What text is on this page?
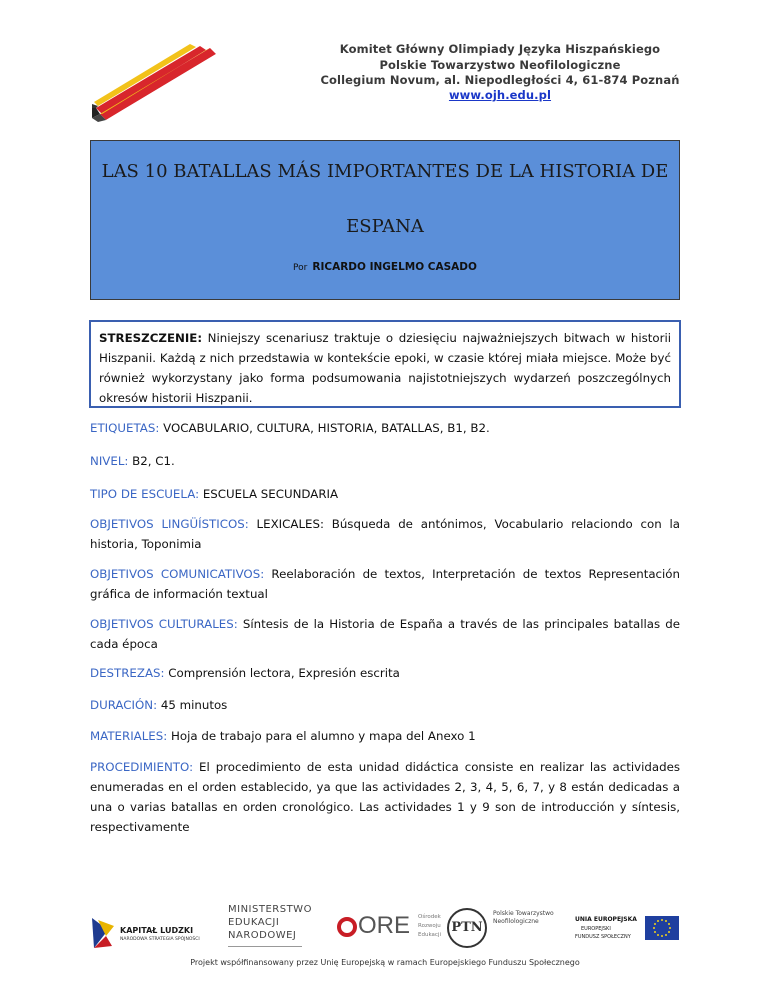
Komitet Główny Olimpiady Języka Hiszpańskiego
Polskie Towarzystwo Neofilologiczne
Collegium Novum, al. Niepodległości 4, 61-874 Poznań
www.ojh.edu.pl
LAS 10 BATALLAS MÁS IMPORTANTES DE LA HISTORIA DE
ESPANA
Por RICARDO INGELMO CASADO
STRESZCZENIE: Niniejszy scenariusz traktuje o dziesięciu najważniejszych bitwach w historii Hiszpanii. Każdą z nich przedstawia w kontekście epoki, w czasie której miała miejsce. Może być również wykorzystany jako forma podsumowania najistotniejszych wydarzeń poszczególnych okresów historii Hiszpanii.
ETIQUETAS: VOCABULARIO, CULTURA, HISTORIA, BATALLAS, B1, B2.
NIVEL: B2, C1.
TIPO DE ESCUELA: ESCUELA SECUNDARIA
OBJETIVOS LINGÜÍSTICOS: LEXICALES: Búsqueda de antónimos, Vocabulario relaciondo con la historia, Toponimia
OBJETIVOS COMUNICATIVOS: Reelaboración de textos, Interpretación de textos Representación gráfica de información textual
OBJETIVOS CULTURALES: Síntesis de la Historia de España a través de las principales batallas de cada época
DESTREZAS: Comprensión lectora, Expresión escrita
DURACIÓN: 45 minutos
MATERIALES: Hoja de trabajo para el alumno y mapa del Anexo 1
PROCEDIMIENTO: El procedimiento de esta unidad didáctica consiste en realizar las actividades enumeradas en el orden establecido, ya que las actividades 2, 3, 4, 5, 6, 7, y 8 están dedicadas a una o varias batallas en orden cronológico. Las actividades 1 y 9 son de introducción y síntesis, respectivamente
KAPITAŁ LUDZKI
NARODOWA STRATEGIA SPÓJNOŚCI
MINISTERSTWO
EDUKACJI
NARODOWEJ	ORE Ośrodek
Rozwoju
Edukacji PTN
Polskie Towarzystwo
Neofilologiczne	UNIA EUROPEJSKA
EUROPEJSKI
FUNDUSZ SPOŁECZNY
Projekt współfinansowany przez Unię Europejską w ramach Europejskiego Funduszu Społecznego
